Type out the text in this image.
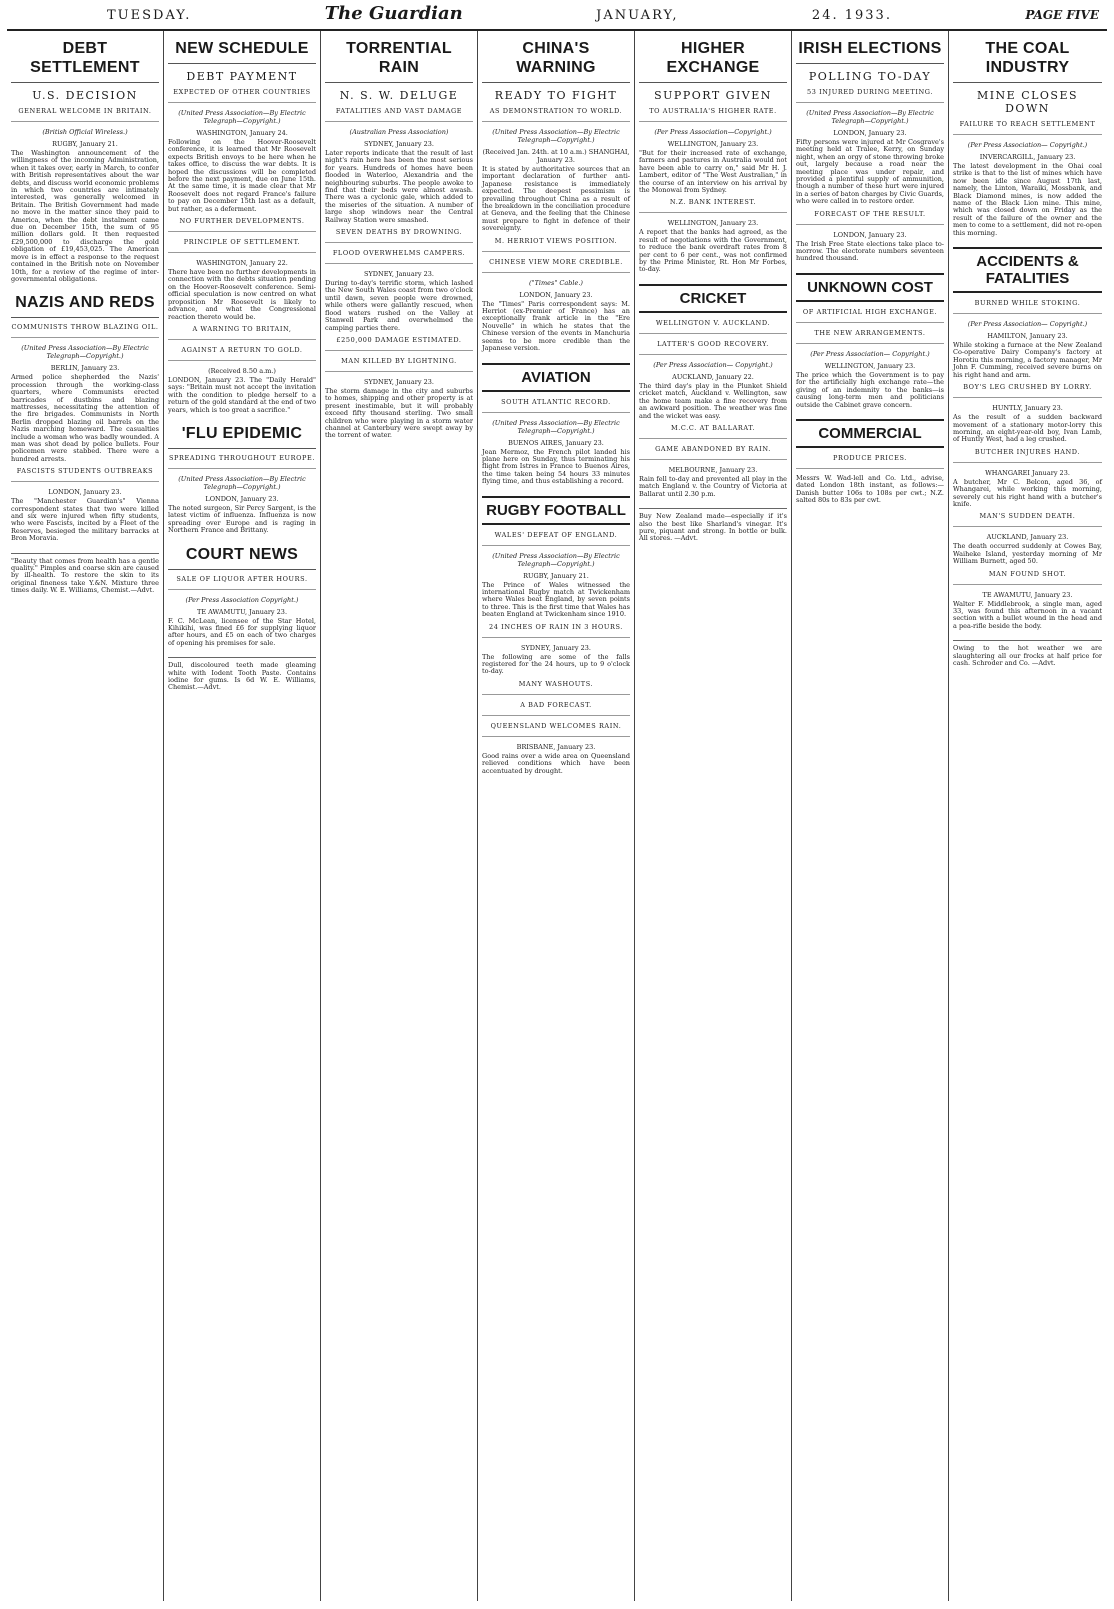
TUESDAY.	The Guardian	JANUARY,	24. 1933.	PAGE FIVE
DEBT SETTLEMENT
U.S. DECISION
GENERAL WELCOME IN BRITAIN.
(British Official Wireless.)
RUGBY, January 21.

The Washington announcement of the willingness of the incoming Administration, when it takes over, early in March, to confer with British representatives about the war debts, and discuss world economic problems in which two countries are intimately interested, was generally welcomed in Britain. The British Government had made no move in the matter since they paid to America, when the debt instalment came due on December 15th, the sum of 95 million dollars gold. It then requested £29,500,000 to discharge the gold obligation of £19,453,025. The American move is in effect a response to the request contained in the British note on November 10th, for a review of the regime of inter-governmental obligations.

NAZIS AND REDS
COMMUNISTS THROW BLAZING OIL.
(United Press Association—By Electric Telegraph—Copyright.)
BERLIN, January 23.

Armed police shepherded the Nazis' procession through the working-class quarters, where Communists erected barricades of dustbins and blazing mattresses, necessitating the attention of the fire brigades. Communists in North Berlin dropped blazing oil barrels on the Nazis marching homeward. The casualties include a woman who was badly wounded. A man was shot dead by police bullets. Four policemen were stabbed. There were a hundred arrests.

FASCISTS STUDENTS OUTBREAKS
LONDON, January 23.

The "Manchester Guardian's" Vienna correspondent states that two were killed and six were injured when fifty students, who were Fascists, incited by a Fleet of the Reserves, besieged the military barracks at Bron Moravia.

"Beauty that comes from health has a gentle quality." Pimples and coarse skin are caused by ill-health. To restore the skin to its original fineness take Y.&N. Mixture three times daily. W. E. Williams, Chemist.—Advt.
NEW SCHEDULE
DEBT PAYMENT
EXPECTED OF OTHER COUNTRIES
(United Press Association—By Electric Telegraph—Copyright.)
WASHINGTON, January 24.

Following on the Hoover-Roosevelt conference, it is learned that Mr Roosevelt expects British envoys to be here when he takes office, to discuss the war debts. It is hoped the discussions will be completed before the next payment, due on June 15th. At the same time, it is made clear that Mr Roosevelt does not regard France's failure to pay on December 15th last as a default, but rather, as a deferment.

NO FURTHER DEVELOPMENTS.
PRINCIPLE OF SETTLEMENT.
WASHINGTON, January 22.

There have been no further developments in connection with the debts situation pending on the Hoover-Roosevelt conference. Semi-official speculation is now centred on what proposition Mr Roosevelt is likely to advance, and what the Congressional reaction thereto would be.

A WARNING TO BRITAIN,
AGAINST A RETURN TO GOLD.
(Received 8.50 a.m.)

LONDON, January 23. The "Daily Herald" says: "Britain must not accept the invitation with the condition to pledge herself to a return of the gold standard at the end of two years, which is too great a sacrifice."

'FLU EPIDEMIC
SPREADING THROUGHOUT EUROPE.
(United Press Association—By Electric Telegraph—Copyright.)
LONDON, January 23.

The noted surgeon, Sir Percy Sargent, is the latest victim of influenza. Influenza is now spreading over Europe and is raging in Northern France and Brittany.

COURT NEWS
SALE OF LIQUOR AFTER HOURS.
(Per Press Association Copyright.)
TE AWAMUTU, January 23.

F. C. McLean, licensee of the Star Hotel, Kihikihi, was fined £6 for supplying liquor after hours, and £5 on each of two charges of opening his premises for sale.

Dull, discoloured teeth made gleaming white with Iodent Tooth Paste. Contains iodine for gums. Is 6d W. E. Williams, Chemist.—Advt.
TORRENTIAL RAIN
N. S. W. DELUGE
FATALITIES AND VAST DAMAGE
(Australian Press Association)
SYDNEY, January 23.

Later reports indicate that the result of last night's rain here has been the most serious for years. Hundreds of homes have been flooded in Waterloo, Alexandria and the neighbouring suburbs. The people awoke to find that their beds were almost awash. There was a cyclonic gale, which added to the miseries of the situation. A number of large shop windows near the Central Railway Station were smashed.

SEVEN DEATHS BY DROWNING.
FLOOD OVERWHELMS CAMPERS.
SYDNEY, January 23.

During to-day's terrific storm, which lashed the New South Wales coast from two o'clock until dawn, seven people were drowned, while others were gallantly rescued, when flood waters rushed on the Valley at Stanwell Park and overwhelmed the camping parties there.

£250,000 DAMAGE ESTIMATED.
MAN KILLED BY LIGHTNING.
SYDNEY, January 23.

The storm damage in the city and suburbs to homes, shipping and other property is at present inestimable, but it will probably exceed fifty thousand sterling. Two small children who were playing in a storm water channel at Canterbury were swept away by the torrent of water.

CHINA'S WARNING
READY TO FIGHT
AS DEMONSTRATION TO WORLD.
(United Press Association—By Electric Telegraph—Copyright.)
(Received Jan. 24th. at 10 a.m.) SHANGHAI, January 23.

It is stated by authoritative sources that an important declaration of further anti-Japanese resistance is immediately expected. The deepest pessimism is prevailing throughout China as a result of the breakdown in the conciliation procedure at Geneva, and the feeling that the Chinese must prepare to fight in defence of their sovereignty.

M. HERRIOT VIEWS POSITION.
CHINESE VIEW MORE CREDIBLE.
("Times" Cable.)
LONDON, January 23.

The "Times" Paris correspondent says: M. Herriot (ex-Premier of France) has an exceptionally frank article in the "Ere Nouvelle" in which he states that the Chinese version of the events in Manchuria seems to be more credible than the Japanese version.

AVIATION
SOUTH ATLANTIC RECORD.
(United Press Association—By Electric Telegraph—Copyright.)
BUENOS AIRES, January 23.

Jean Mermoz, the French pilot landed his plane here on Sunday, thus terminating his flight from Istres in France to Buenos Aires, the time taken being 54 hours 33 minutes flying time, and thus establishing a record.

RUGBY FOOTBALL
WALES' DEFEAT OF ENGLAND.
(United Press Association—By Electric Telegraph—Copyright.)
RUGBY, January 21.

The Prince of Wales witnessed the international Rugby match at Twickenham where Wales beat England, by seven points to three. This is the first time that Wales has beaten England at Twickenham since 1910.

24 INCHES OF RAIN IN 3 HOURS.
SYDNEY, January 23.

The following are some of the falls registered for the 24 hours, up to 9 o'clock to-day.

MANY WASHOUTS.
A BAD FORECAST.
QUEENSLAND WELCOMES RAIN.
BRISBANE, January 23.

Good rains over a wide area on Queensland relieved conditions which have been accentuated by drought.

HIGHER EXCHANGE
SUPPORT GIVEN
TO AUSTRALIA'S HIGHER RATE.
(Per Press Association—Copyright.)
WELLINGTON, January 23.

"But for their increased rate of exchange, farmers and pastures in Australia would not have been able to carry on," said Mr H. J. Lambert, editor of "The West Australian," in the course of an interview on his arrival by the Monowai from Sydney.

N.Z. BANK INTEREST.
WELLINGTON, January 23.

A report that the banks had agreed, as the result of negotiations with the Government, to reduce the bank overdraft rates from 8 per cent to 6 per cent., was not confirmed by the Prime Minister, Rt. Hon Mr Forbes, to-day.

CRICKET
WELLINGTON V. AUCKLAND.
LATTER'S GOOD RECOVERY.
(Per Press Association— Copyright.)
AUCKLAND, January 22.

The third day's play in the Plunket Shield cricket match, Auckland v. Wellington, saw the home team make a fine recovery from an awkward position. The weather was fine and the wicket was easy.

M.C.C. AT BALLARAT.
GAME ABANDONED BY RAIN.
MELBOURNE, January 23.

Rain fell to-day and prevented all play in the match England v. the Country of Victoria at Ballarat until 2.30 p.m.

Buy New Zealand made—especially if it's also the best like Sharland's vinegar. It's pure, piquant and strong. In bottle or bulk. All stores. —Advt.
IRISH ELECTIONS
POLLING TO-DAY
53 INJURED DURING MEETING.
(United Press Association—By Electric Telegraph—Copyright.)
LONDON, January 23.

Fifty persons were injured at Mr Cosgrave's meeting held at Tralee, Kerry, on Sunday night, when an orgy of stone throwing broke out, largely because a road near the meeting place was under repair, and provided a plentiful supply of ammunition, though a number of these hurt were injured in a series of baton charges by Civic Guards, who were called in to restore order.

FORECAST OF THE RESULT.
LONDON, January 23.

The Irish Free State elections take place to-morrow. The electorate numbers seventeen hundred thousand.

UNKNOWN COST
OF ARTIFICIAL HIGH EXCHANGE.
THE NEW ARRANGEMENTS.
(Per Press Association— Copyright.)
WELLINGTON, January 23.

The price which the Government is to pay for the artificially high exchange rate—the giving of an indemnity to the banks—is causing long-term men and politicians outside the Cabinet grave concern.

COMMERCIAL
PRODUCE PRICES.

Messrs W. Wad-lell and Co. Ltd., advise, dated London 18th instant, as follows:— Danish butter 106s to 108s per cwt.; N.Z. salted 80s to 83s per cwt.

THE COAL INDUSTRY
MINE CLOSES DOWN
FAILURE TO REACH SETTLEMENT
(Per Press Association— Copyright.)
INVERCARGILL, January 23.

The latest development in the Ohai coal strike is that to the list of mines which have now been idle since August 17th last, namely, the Linton, Waraiki, Mossbank, and Black Diamond mines, is now added the name of the Black Lion mine. This mine, which was closed down on Friday as the result of the failure of the owner and the men to come to a settlement, did not re-open this morning.

ACCIDENTS & FATALITIES
BURNED WHILE STOKING.
(Per Press Association— Copyright.)
HAMILTON, January 23.

While stoking a furnace at the New Zealand Co-operative Dairy Company's factory at Horotiu this morning, a factory manager, Mr John F. Cumming, received severe burns on his right hand and arm.

BOY'S LEG CRUSHED BY LORRY.
HUNTLY, January 23.

As the result of a sudden backward movement of a stationary motor-lorry this morning, an eight-year-old boy, Ivan Lamb, of Huntly West, had a leg crushed.

BUTCHER INJURES HAND.
WHANGAREI January 23.

A butcher, Mr C. Belcon, aged 36, of Whangarei, while working this morning, severely cut his right hand with a butcher's knife.

MAN'S SUDDEN DEATH.
AUCKLAND, January 23.

The death occurred suddenly at Cowes Bay, Waiheke Island, yesterday morning of Mr William Burnett, aged 50.

MAN FOUND SHOT.
TE AWAMUTU, January 23.

Walter F. Middlebrook, a single man, aged 33, was found this afternoon in a vacant section with a bullet wound in the head and a pea-rifle beside the body.

Owing to the hot weather we are slaughtering all our frocks at half price for cash. Schroder and Co. —Advt.
